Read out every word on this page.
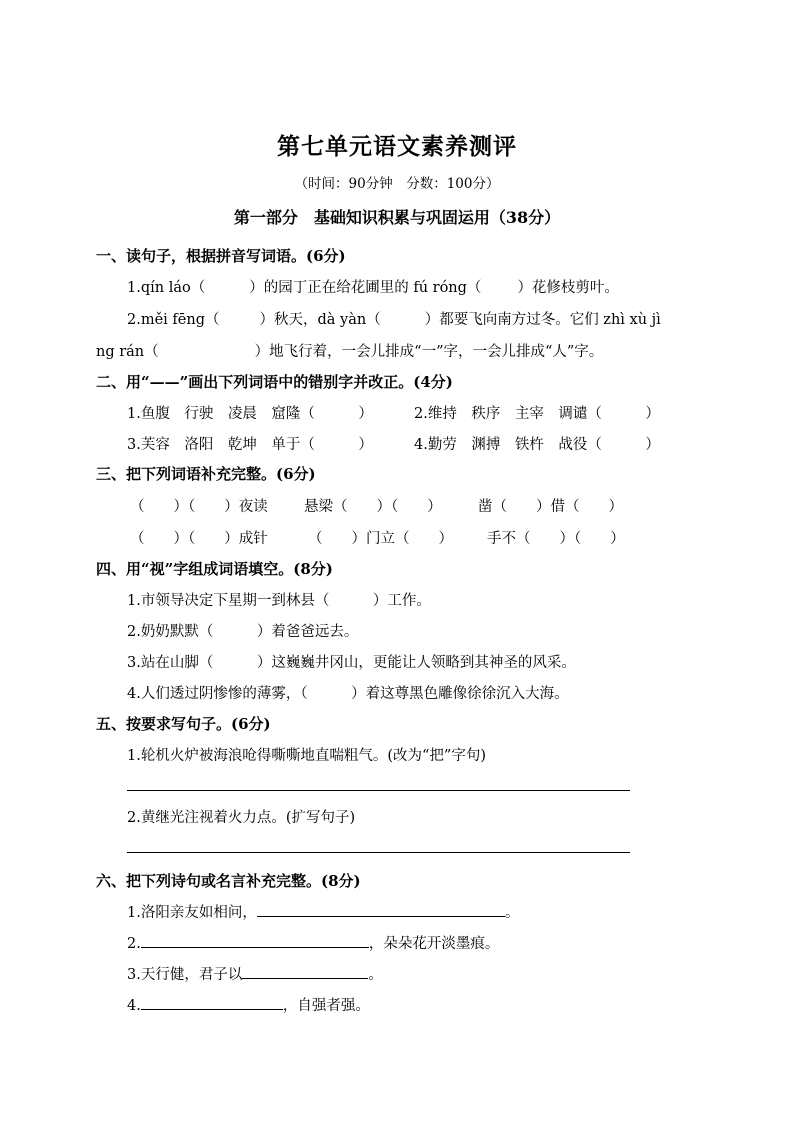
第七单元语文素养测评
（时间：90分钟　分数：100分）
第一部分　基础知识积累与巩固运用（38分）
一、读句子，根据拼音写词语。(6分)
1.qín láo（	）的园丁正在给花圃里的 fú róng（ ）花修枝剪叶。
2.měi fēng（	）秋天，dà yàn（	）都要飞向南方过冬。它们 zhì xù jì
ng rán（	）地飞行着，一会儿排成“一”字，一会儿排成“人”字。
二、用“——”画出下列词语中的错别字并改正。(4分)
1.鱼腹　行驶　凌晨　窟隆（　　　）	2.维持　秩序　主宰　调谴（　　　）
3.芙容　洛阳　乾坤　单于（　　　）	4.勤劳　渊搏　铁杵　战役（　　　）
三、把下列词语补充完整。(6分)
（　　）（　　）夜读	悬梁（　　）（　　）	凿（　　）借（　　）
（　　）（　　）成针	（　　）门立（　　） 手不（　　）（　　）
四、用“视”字组成词语填空。(8分)
1.市领导决定下星期一到林县（　　　）工作。
2.奶奶默默（　　　）着爸爸远去。
3.站在山脚（　　　）这巍巍井冈山，更能让人领略到其神圣的风采。
4.人们透过阴惨惨的薄雾，（　　　）着这尊黑色雕像徐徐沉入大海。
五、按要求写句子。(6分)
1.轮机火炉被海浪呛得嘶嘶地直喘粗气。(改为“把”字句)
2.黄继光注视着火力点。(扩写句子)
六、把下列诗句或名言补充完整。(8分)
1.洛阳亲友如相问，	。
2.	，朵朵花开淡墨痕。
3.天行健，君子以	。
4.	，自强者强。
